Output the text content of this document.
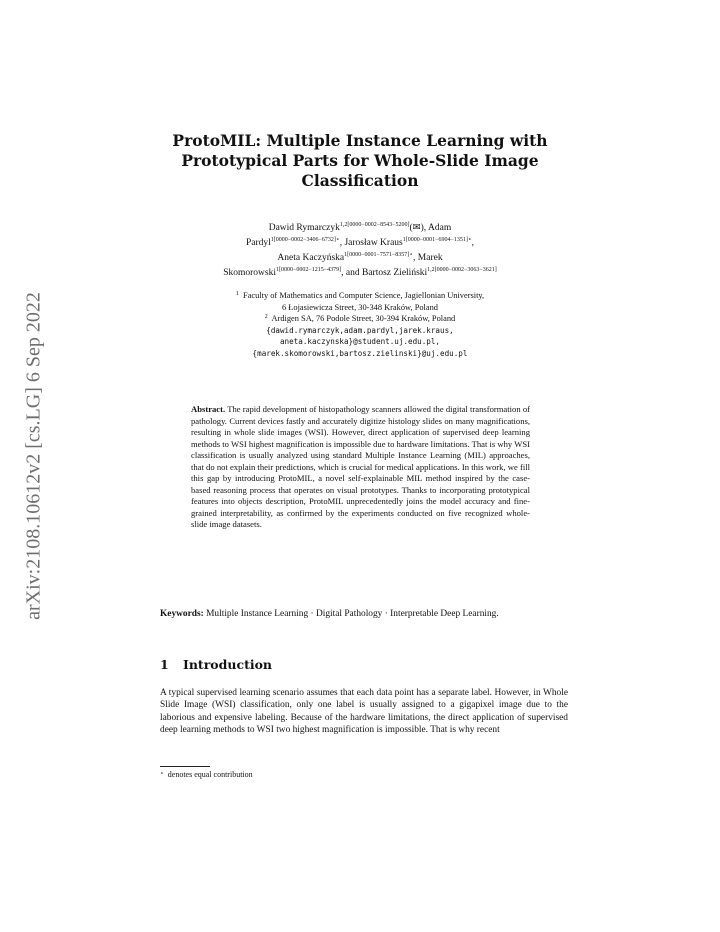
arXiv:2108.10612v2 [cs.LG] 6 Sep 2022
ProtoMIL: Multiple Instance Learning with Prototypical Parts for Whole-Slide Image Classification
Dawid Rymarczyk$^{1,2[0000-0002-8543-5200]}$(✉), Adam
Pardyl$^{1[0000-0002-3406-6732]⋆}$, Jarosław Kraus$^{1[0000-0001-6904-1351]⋆}$,
Aneta Kaczyńska$^{1[0000-0001-7571-8357]⋆}$, Marek
Skomorowski$^{1[0000-0002-1215-4379]}$, and Bartosz Zieliński$^{1,2[0000-0002-3063-3621]}$
$^1$ Faculty of Mathematics and Computer Science, Jagiellonian University,
6 Łojasiewicza Street, 30-348 Kraków, Poland
$^2$ Ardigen SA, 76 Podole Street, 30-394 Kraków, Poland
{dawid.rymarczyk,adam.pardyl,jarek.kraus,
aneta.kaczynska}@student.uj.edu.pl,
{marek.skomorowski,bartosz.zielinski}@uj.edu.pl
Abstract. The rapid development of histopathology scanners allowed the digital transformation of pathology. Current devices fastly and accurately digitize histology slides on many magnifications, resulting in whole slide images (WSI). However, direct application of supervised deep learning methods to WSI highest magnification is impossible due to hardware limitations. That is why WSI classification is usually analyzed using standard Multiple Instance Learning (MIL) approaches, that do not explain their predictions, which is crucial for medical applications. In this work, we fill this gap by introducing ProtoMIL, a novel self-explainable MIL method inspired by the case-based reasoning process that operates on visual prototypes. Thanks to incorporating prototypical features into objects description, ProtoMIL unprecedentedly joins the model accuracy and fine-grained interpretability, as confirmed by the experiments conducted on five recognized whole-slide image datasets.
Keywords: Multiple Instance Learning · Digital Pathology · Interpretable Deep Learning.
1 Introduction
A typical supervised learning scenario assumes that each data point has a separate label. However, in Whole Slide Image (WSI) classification, only one label is usually assigned to a gigapixel image due to the laborious and expensive labeling. Because of the hardware limitations, the direct application of supervised deep learning methods to WSI two highest magnification is impossible. That is why recent
⋆ denotes equal contribution
